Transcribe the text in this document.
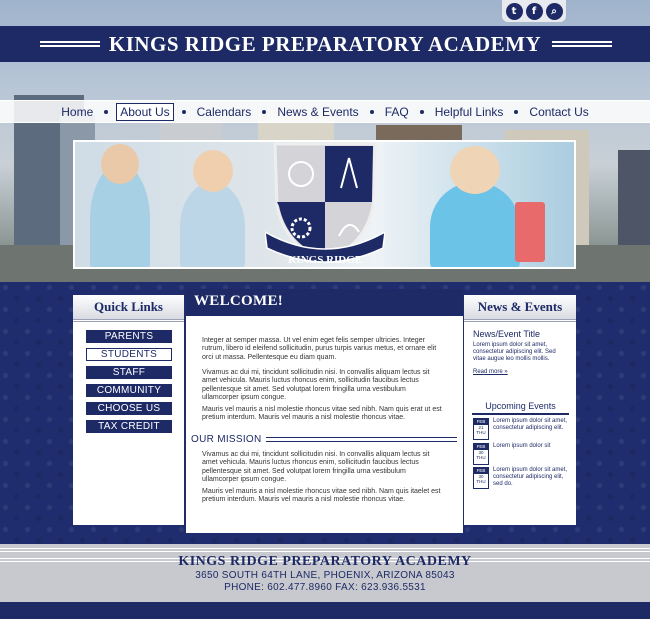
t	f	⌕
KINGS RIDGE PREPARATORY ACADEMY
Home	About Us	Calendars News & Events FAQ Helpful Links Contact Us
KINGS RIDGE
Quick Links
PARENTS
STUDENTS
STAFF
COMMUNITY
CHOOSE US
TAX CREDIT
WELCOME!
Integer at semper massa. Ut vel enim eget felis semper ultricies. Integer rutrum, libero id eleifend sollicitudin, purus turpis varius metus, et ornare elit orci ut massa. Pellentesque eu diam quam.
Vivamus ac dui mi, tincidunt sollicitudin nisi. In convallis aliquam lectus sit amet vehicula. Mauris luctus rhoncus enim, sollicitudin faucibus lectus pellentesque sit amet. Sed volutpat lorem fringilla urna vestibulum ullamcorper ipsum congue.
Mauris vel mauris a nisl molestie rhoncus vitae sed nibh. Nam quis erat ut est pretium interdum. Mauris vel mauris a nisl molestie rhoncus vitae.
OUR MISSION
Vivamus ac dui mi, tincidunt sollicitudin nisi. In convallis aliquam lectus sit amet vehicula. Mauris luctus rhoncus enim, sollicitudin faucibus lectus pellentesque sit amet. Sed volutpat lorem fringilla urna vestibulum ullamcorper ipsum congue.
Mauris vel mauris a nisl molestie rhoncus vitae sed nibh. Nam quis itaelet est pretium interdum. Mauris vel mauris a nisl molestie rhoncus vitae.
News & Events
News/Event Title
Lorem ipsum dolor sit amet, consectetur adipiscing elit. Sed vitae augue leo mollis mollis.
Read more »
Upcoming Events
FEB
21
THU
Lorem ipsum dolor sit amet, consectetur adipiscing elit.
FEB
30
THU
Lorem ipsum dolor sit
FEB
30
THU
Lorem ipsum dolor sit amet, consectetur adipiscing elit, sed do.
KINGS RIDGE PREPARATORY ACADEMY

3650 SOUTH 64TH LANE, PHOENIX, ARIZONA 85043

PHONE: 602.477.8960 FAX: 623.936.5531
